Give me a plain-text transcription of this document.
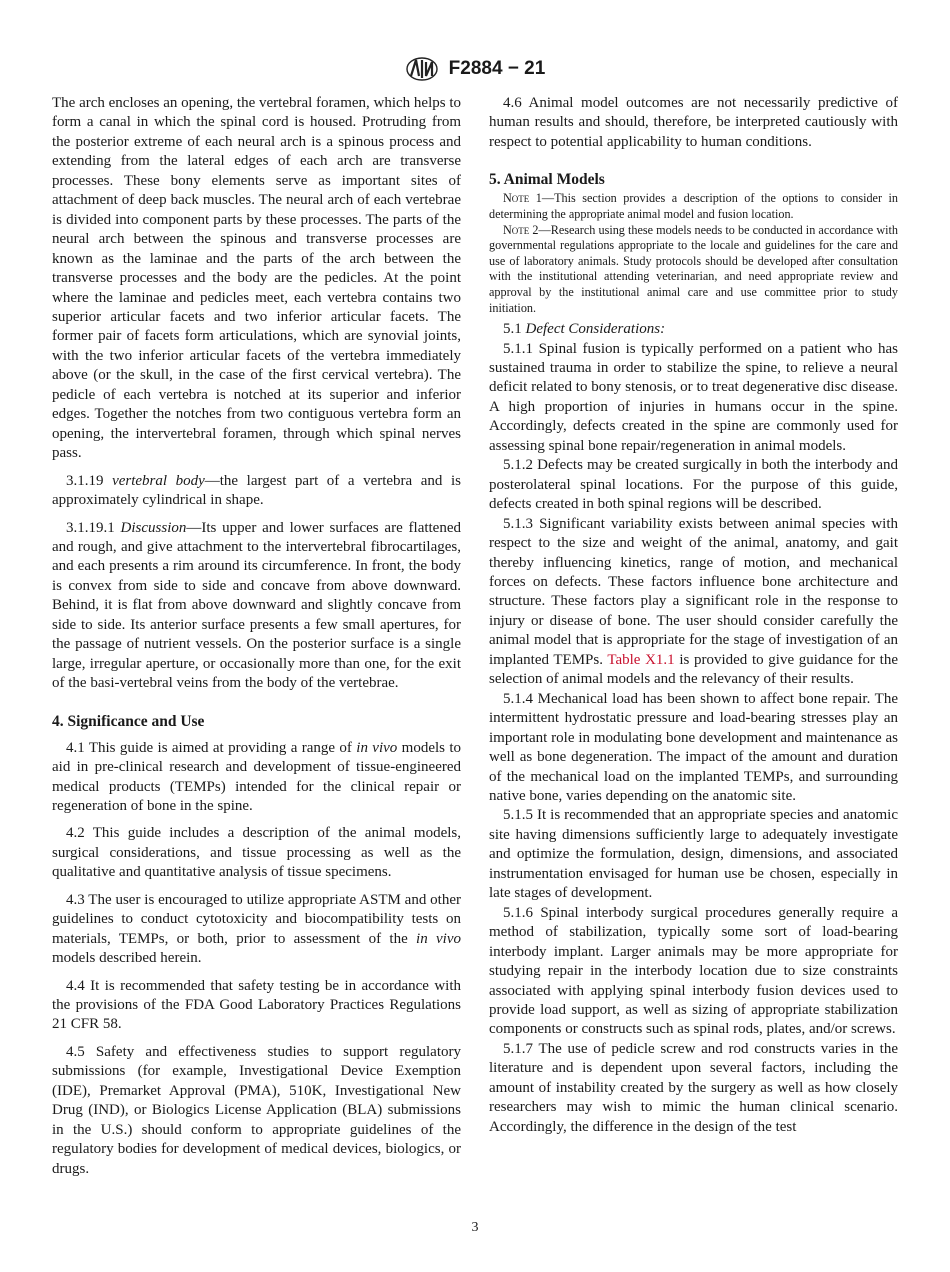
F2884 − 21

The arch encloses an opening, the vertebral foramen, which helps to form a canal in which the spinal cord is housed. Protruding from the posterior extreme of each neural arch is a spinous process and extending from the lateral edges of each arch are transverse processes. These bony elements serve as important sites of attachment of deep back muscles. The neural arch of each vertebrae is divided into component parts by these processes. The parts of the neural arch between the spinous and transverse processes are known as the laminae and the parts of the arch between the transverse processes and the body are the pedicles. At the point where the laminae and pedicles meet, each vertebra contains two superior articular facets and two inferior articular facets. The former pair of facets form articulations, which are synovial joints, with the two inferior articular facets of the vertebra immediately above (or the skull, in the case of the first cervical vertebra). The pedicle of each vertebra is notched at its superior and inferior edges. Together the notches from two contiguous vertebra form an opening, the intervertebral foramen, through which spinal nerves pass.

3.1.19 vertebral body—the largest part of a vertebra and is approximately cylindrical in shape.

3.1.19.1 Discussion—Its upper and lower surfaces are flattened and rough, and give attachment to the intervertebral fibrocartilages, and each presents a rim around its circumference. In front, the body is convex from side to side and concave from above downward. Behind, it is flat from above downward and slightly concave from side to side. Its anterior surface presents a few small apertures, for the passage of nutrient vessels. On the posterior surface is a single large, irregular aperture, or occasionally more than one, for the exit of the basi-vertebral veins from the body of the vertebrae.

4. Significance and Use

4.1 This guide is aimed at providing a range of in vivo models to aid in pre-clinical research and development of tissue-engineered medical products (TEMPs) intended for the clinical repair or regeneration of bone in the spine.

4.2 This guide includes a description of the animal models, surgical considerations, and tissue processing as well as the qualitative and quantitative analysis of tissue specimens.

4.3 The user is encouraged to utilize appropriate ASTM and other guidelines to conduct cytotoxicity and biocompatibility tests on materials, TEMPs, or both, prior to assessment of the in vivo models described herein.

4.4 It is recommended that safety testing be in accordance with the provisions of the FDA Good Laboratory Practices Regulations 21 CFR 58.

4.5 Safety and effectiveness studies to support regulatory submissions (for example, Investigational Device Exemption (IDE), Premarket Approval (PMA), 510K, Investigational New Drug (IND), or Biologics License Application (BLA) submissions in the U.S.) should conform to appropriate guidelines of the regulatory bodies for development of medical devices, biologics, or drugs.

4.6 Animal model outcomes are not necessarily predictive of human results and should, therefore, be interpreted cautiously with respect to potential applicability to human conditions.

5. Animal Models

Note 1—This section provides a description of the options to consider in determining the appropriate animal model and fusion location.

Note 2—Research using these models needs to be conducted in accordance with governmental regulations appropriate to the locale and guidelines for the care and use of laboratory animals. Study protocols should be developed after consultation with the institutional attending veterinarian, and need appropriate review and approval by the institutional animal care and use committee prior to study initiation.

5.1 Defect Considerations:

5.1.1 Spinal fusion is typically performed on a patient who has sustained trauma in order to stabilize the spine, to relieve a neural deficit related to bony stenosis, or to treat degenerative disc disease. A high proportion of injuries in humans occur in the spine. Accordingly, defects created in the spine are commonly used for assessing spinal bone repair/regeneration in animal models.

5.1.2 Defects may be created surgically in both the interbody and posterolateral spinal locations. For the purpose of this guide, defects created in both spinal regions will be described.

5.1.3 Significant variability exists between animal species with respect to the size and weight of the animal, anatomy, and gait thereby influencing kinetics, range of motion, and mechanical forces on defects. These factors influence bone architecture and structure. These factors play a significant role in the response to injury or disease of bone. The user should consider carefully the animal model that is appropriate for the stage of investigation of an implanted TEMPs. Table X1.1 is provided to give guidance for the selection of animal models and the relevancy of their results.

5.1.4 Mechanical load has been shown to affect bone repair. The intermittent hydrostatic pressure and load-bearing stresses play an important role in modulating bone development and maintenance as well as bone degeneration. The impact of the amount and duration of the mechanical load on the implanted TEMPs, and surrounding native bone, varies depending on the anatomic site.

5.1.5 It is recommended that an appropriate species and anatomic site having dimensions sufficiently large to adequately investigate and optimize the formulation, design, dimensions, and associated instrumentation envisaged for human use be chosen, especially in late stages of development.

5.1.6 Spinal interbody surgical procedures generally require a method of stabilization, typically some sort of load-bearing interbody implant. Larger animals may be more appropriate for studying repair in the interbody location due to size constraints associated with applying spinal interbody fusion devices used to provide load support, as well as sizing of appropriate stabilization components or constructs such as spinal rods, plates, and/or screws.

5.1.7 The use of pedicle screw and rod constructs varies in the literature and is dependent upon several factors, including the amount of instability created by the surgery as well as how closely researchers may wish to mimic the human clinical scenario. Accordingly, the difference in the design of the test

3
